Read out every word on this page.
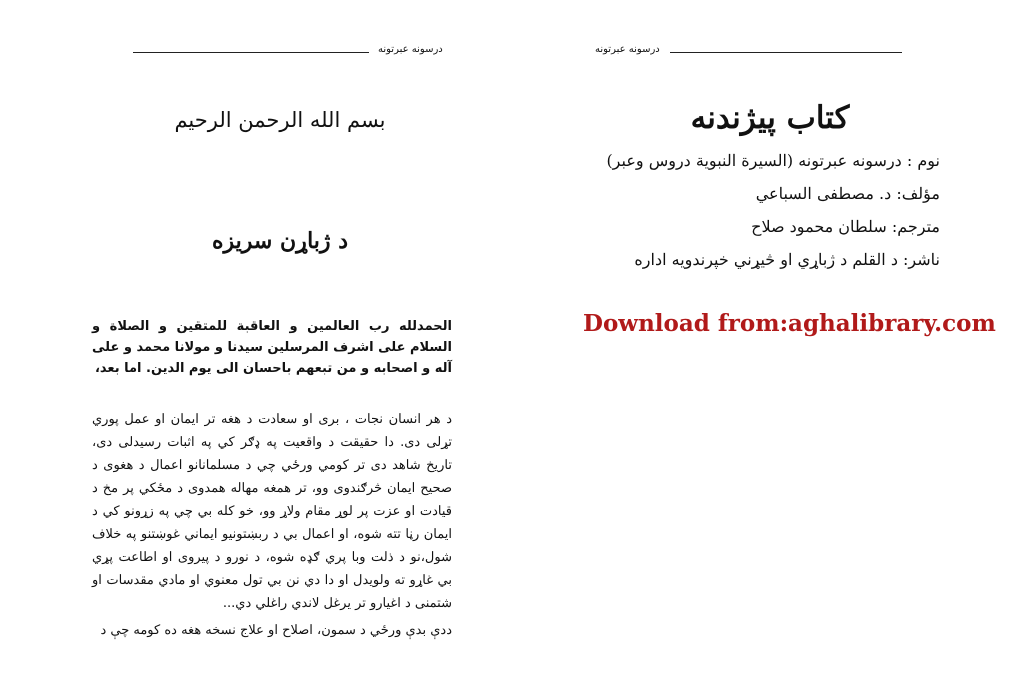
درسونه عبرتونه
بسم الله الرحمن الرحيم
د ژباړن سريزه
الحمدلله رب العالمين و العاقبة للمتقين و الصلاة و السلام على اشرف المرسلين سيدنا و مولانا محمد و على آله و اصحابه و من تبعهم باحسان الى يوم الدين. اما بعد،

د هر انسان نجات ، بری او سعادت د هغه تر ايمان او عمل پوري تړلی دی. دا حقيقت د واقعيت په ډګر کي په اثبات رسيدلی دی، تاريخ شاهد دی تر کومي ورځي چي د مسلمانانو اعمال د هغوی د صحيح ايمان څرګندوی وو، تر همغه مهاله همدوی د مځکي پر مخ د قيادت او عزت پر لوړ مقام ولاړ وو، خو کله بي چي په زړونو کي د ايمان رڼا تته شوه، او اعمال بي د ربښتونيو ايماني غوښتنو په خلاف شول،نو د ذلت وبا پري ګډه شوه، د نورو د پيروی او اطاعت پړي بي غاړو ته ولويدل او دا دي نن بي تول معنوي او مادي مقدسات او شتمنی د اغيارو تر يرغل لاندي راغلي دي...

ددې بدې ورځي د سمون، اصلاح او علاج نسخه هغه ده کومه چې د

درسونه عبرتونه
كتاب پيژندنه
نوم : درسونه عبرتونه (السيرة النبوية دروس وعبر)
مؤلف: د. مصطفی السباعي
مترجم: سلطان محمود صلاح
ناشر: د القلم د ژباړي او څيړني خپرندويه اداره
Download from:aghalibrary.com
